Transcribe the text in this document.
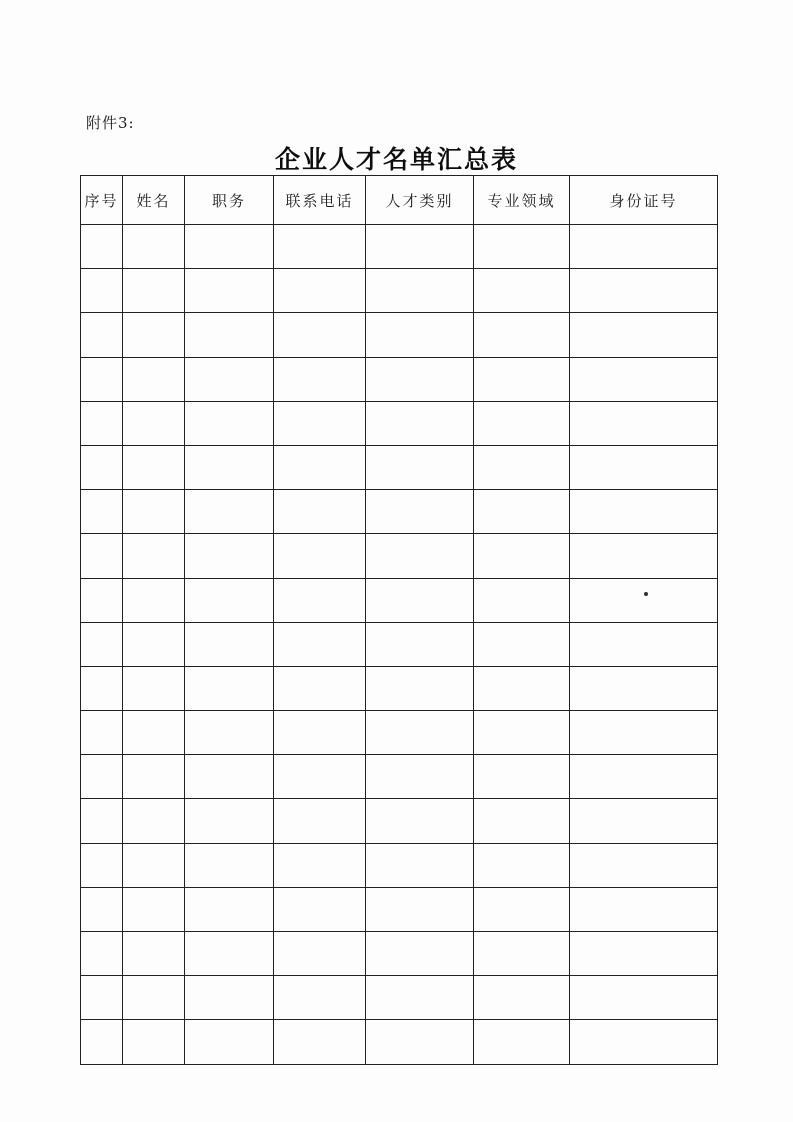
附件3:
企业人才名单汇总表
序号	姓名	职务	联系电话	人才类别	专业领域	身份证号
